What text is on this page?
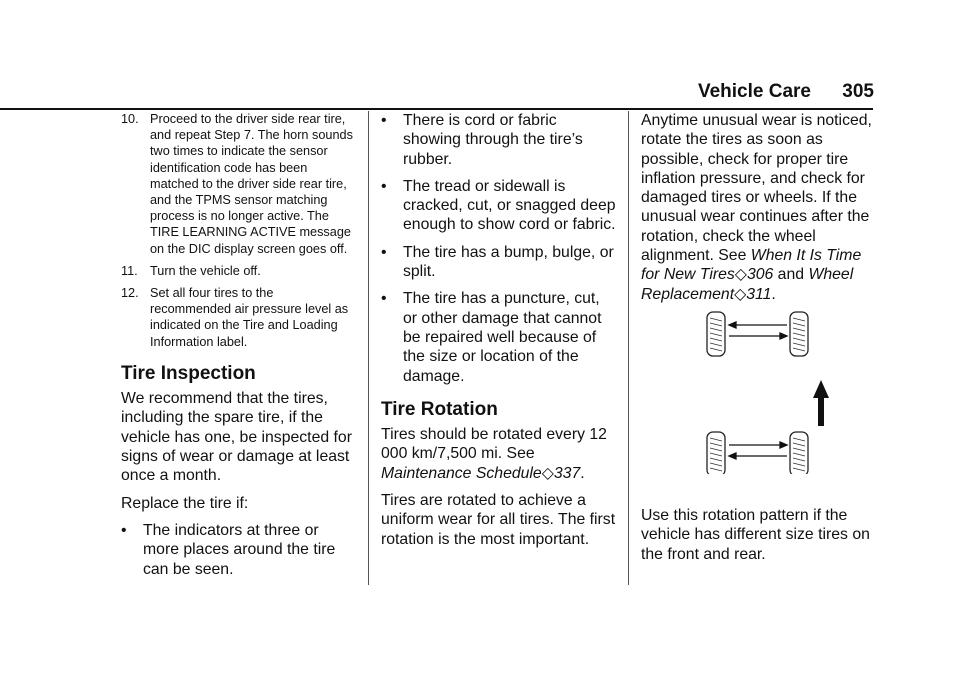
Vehicle Care 305
10. Proceed to the driver side rear tire, and repeat Step 7. The horn sounds two times to indicate the sensor identification code has been matched to the driver side rear tire, and the TPMS sensor matching process is no longer active. The TIRE LEARNING ACTIVE message on the DIC display screen goes off.
11. Turn the vehicle off.
12. Set all four tires to the recommended air pressure level as indicated on the Tire and Loading Information label.
Tire Inspection

We recommend that the tires, including the spare tire, if the vehicle has one, be inspected for signs of wear or damage at least once a month.

Replace the tire if:

•	The indicators at three or more places around the tire can be seen.
•	There is cord or fabric showing through the tire’s rubber.
•	The tread or sidewall is cracked, cut, or snagged deep enough to show cord or fabric.
•	The tire has a bump, bulge, or split.
•	The tire has a puncture, cut, or other damage that cannot be repaired well because of the size or location of the damage.
Tire Rotation

Tires should be rotated every 12 000 km/7,500 mi. See Maintenance Schedule◇337.

Tires are rotated to achieve a uniform wear for all tires. The first rotation is the most important.

Anytime unusual wear is noticed, rotate the tires as soon as possible, check for proper tire inflation pressure, and check for damaged tires or wheels. If the unusual wear continues after the rotation, check the wheel alignment. See When It Is Time for New Tires◇306 and Wheel Replacement◇311.

Use this rotation pattern if the vehicle has different size tires on the front and rear.
